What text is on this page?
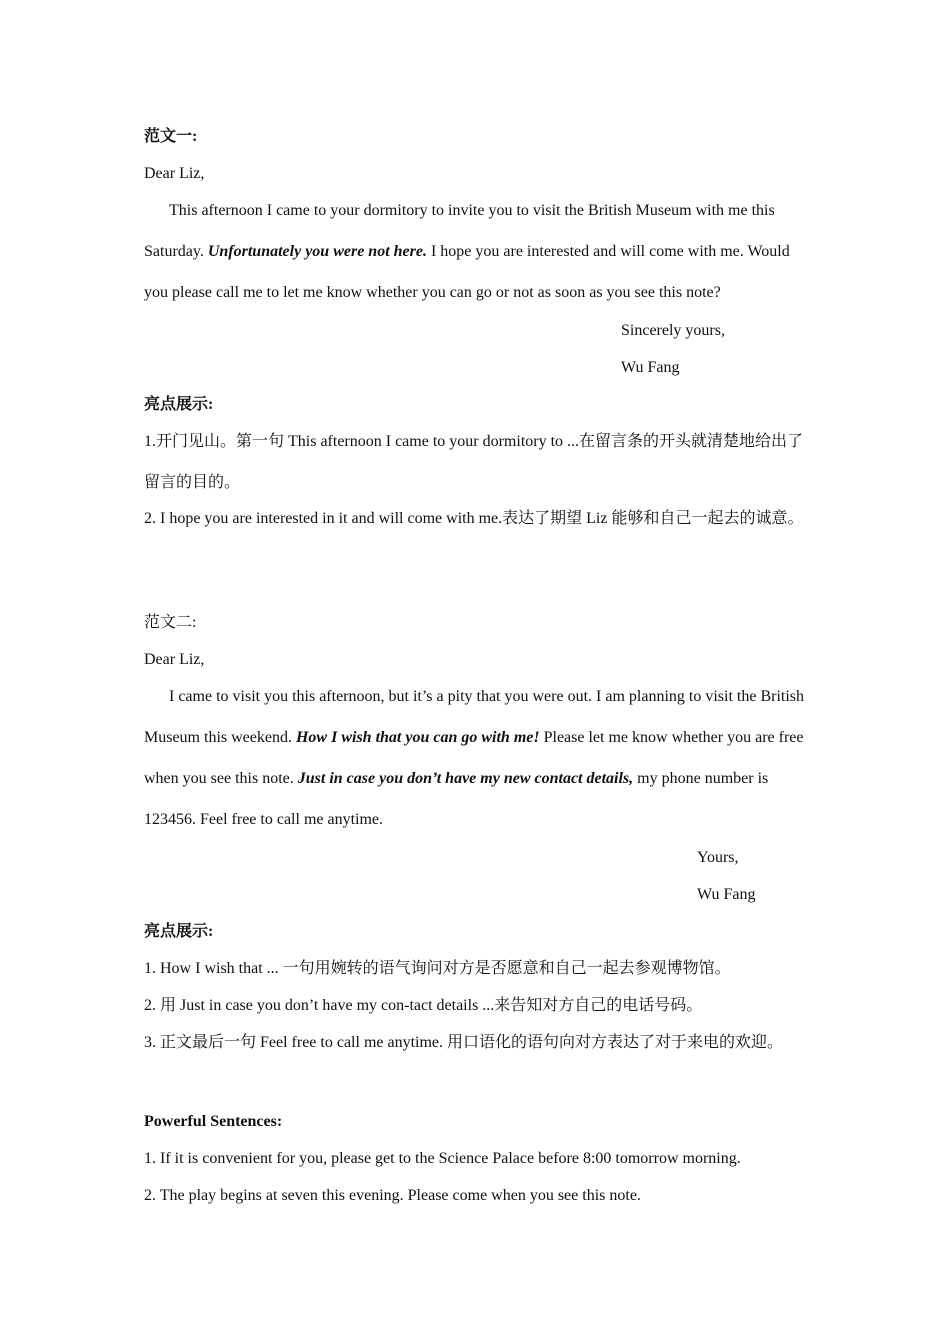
范文一:
Dear Liz,
This afternoon I came to your dormitory to invite you to visit the British Museum with me this Saturday. Unfortunately you were not here. I hope you are interested and will come with me. Would you please call me to let me know whether you can go or not as soon as you see this note?
Sincerely yours,
Wu Fang
亮点展示:
1.开门见山。第一句 This afternoon I came to your dormitory to ...在留言条的开头就清楚地给出了留言的目的。
2. I hope you are interested in it and will come with me.表达了期望 Liz 能够和自己一起去的诚意。
范文二:
Dear Liz,
I came to visit you this afternoon, but it’s a pity that you were out. I am planning to visit the British Museum this weekend. How I wish that you can go with me! Please let me know whether you are free when you see this note. Just in case you don’t have my new contact details, my phone number is 123456. Feel free to call me anytime.
Yours,
Wu Fang
亮点展示:
1. How I wish that ... 一句用婉转的语气询问对方是否愿意和自己一起去参观博物馆。
2. 用 Just in case you don’t have my con-tact details ...来告知对方自己的电话号码。
3. 正文最后一句 Feel free to call me anytime. 用口语化的语句向对方表达了对于来电的欢迎。
Powerful Sentences:
1. If it is convenient for you, please get to the Science Palace before 8:00 tomorrow morning.
2. The play begins at seven this evening. Please come when you see this note.
